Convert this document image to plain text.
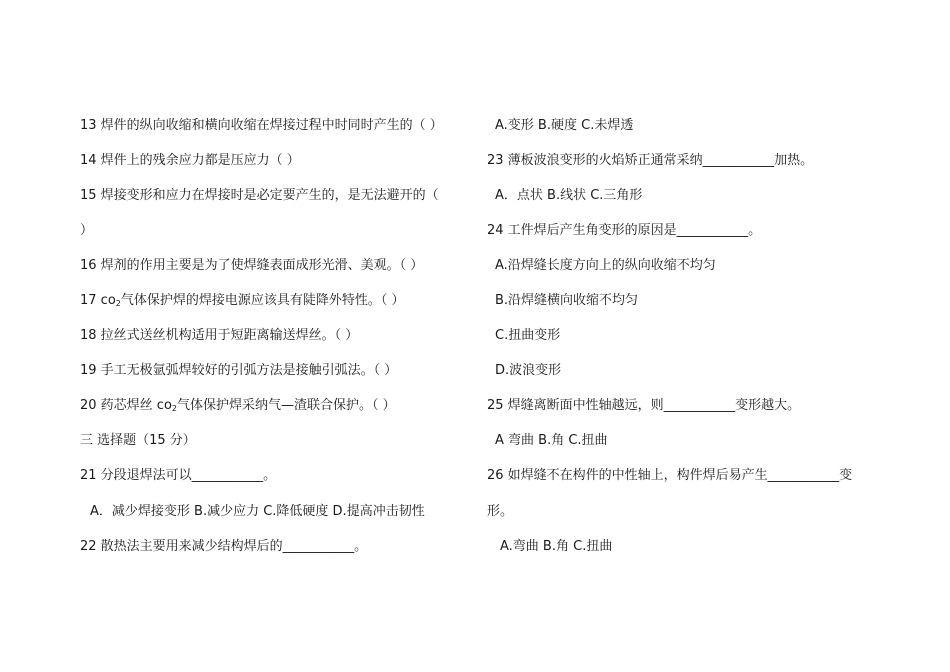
13 焊件的纵向收缩和横向收缩在焊接过程中时同时产生的（ ）
14 焊件上的残余应力都是压应力（ ）
15 焊接变形和应力在焊接时是必定要产生的，是无法避开的（
）
16 焊剂的作用主要是为了使焊缝表面成形光滑、美观。（ ）
17 $co_2$气体保护焊的焊接电源应该具有陡降外特性。（ ）
18 拉丝式送丝机构适用于短距离输送焊丝。（ ）
19 手工无极氩弧焊较好的引弧方法是接触引弧法。（ ）
20 药芯焊丝 $co_2$气体保护焊采纳气—渣联合保护。（ ）
三 选择题（15 分）
21 分段退焊法可以___________。
A．减少焊接变形 B.减少应力 C.降低硬度 D.提高冲击韧性
22 散热法主要用来减少结构焊后的___________。
A.变形 B.硬度 C.未焊透
23 薄板波浪变形的火焰矫正通常采纳___________加热。
A．点状 B.线状 C.三角形
24 工件焊后产生角变形的原因是___________。
A.沿焊缝长度方向上的纵向收缩不均匀
B.沿焊缝横向收缩不均匀
C.扭曲变形
D.波浪变形
25 焊缝离断面中性轴越远，则___________变形越大。
A 弯曲 B.角 C.扭曲
26 如焊缝不在构件的中性轴上，构件焊后易产生___________变
形。
A.弯曲 B.角 C.扭曲
